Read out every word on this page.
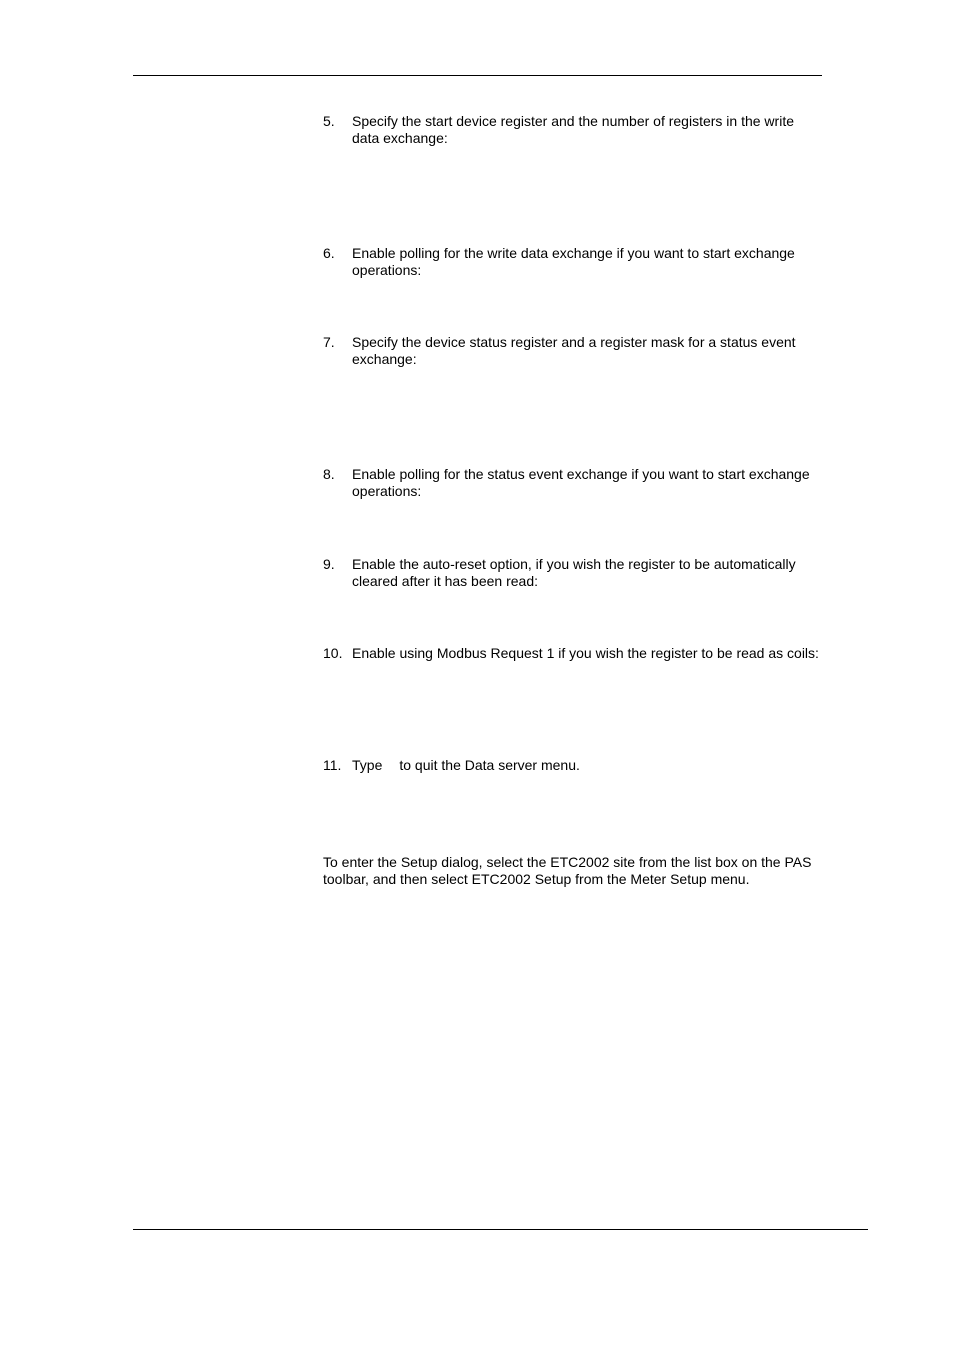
5. Specify the start device register and the number of registers in the write data exchange:
6. Enable polling for the write data exchange if you want to start exchange operations:
7. Specify the device status register and a register mask for a status event exchange:
8. Enable polling for the status event exchange if you want to start exchange operations:
9. Enable the auto-reset option, if you wish the register to be automatically cleared after it has been read:
10. Enable using Modbus Request 1 if you wish the register to be read as coils:
11. Type to quit the Data server menu.
To enter the Setup dialog, select the ETC2002 site from the list box on the PAS toolbar, and then select ETC2002 Setup from the Meter Setup menu.
